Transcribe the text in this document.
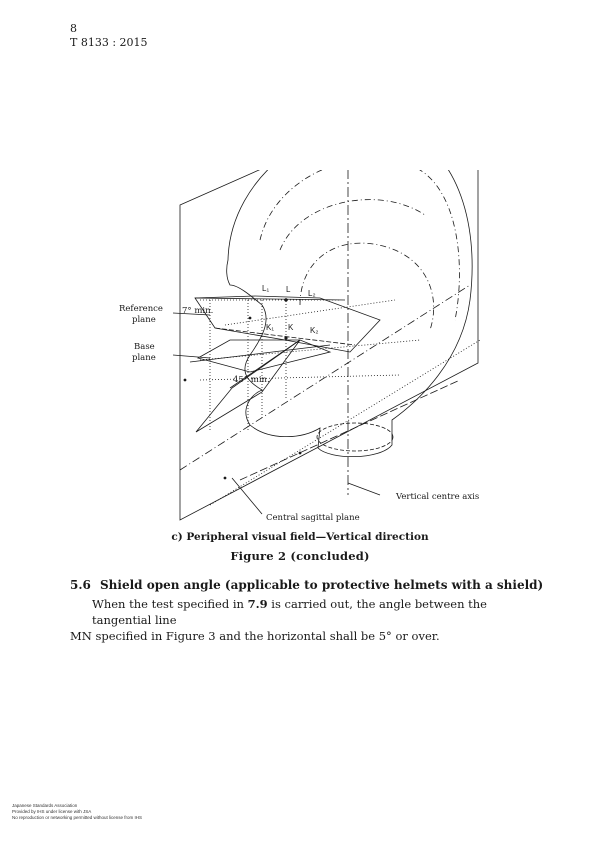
8
T 8133 : 2015
Reference
plane
Base
plane
7° min.
45° min.
L₁ L L₂
K₁ K K₂
Vertical centre axis
Central sagittal plane
c) Peripheral visual field—Vertical direction
Figure 2 (concluded)
5.6 Shield open angle (applicable to protective helmets with a shield)
When the test specified in 7.9 is carried out, the angle between the tangential line
MN specified in Figure 3 and the horizontal shall be 5° or over.
Japanese Standards Association
Provided by IHS under license with JSA
No reproduction or networking permitted without license from IHS
